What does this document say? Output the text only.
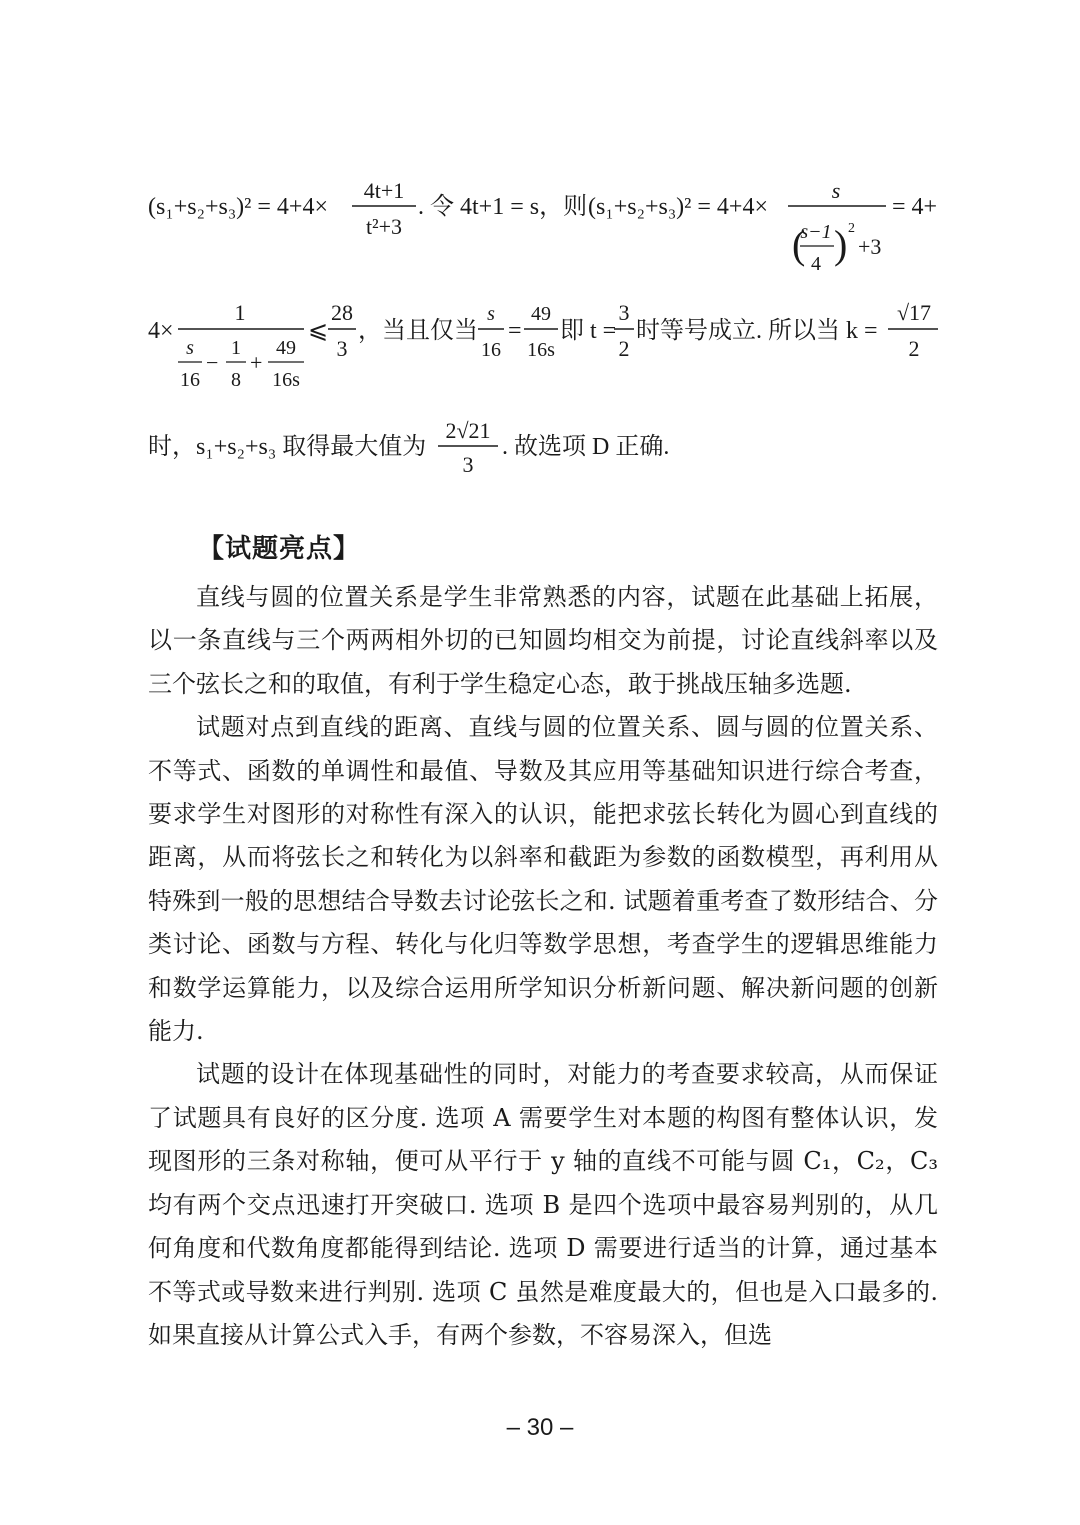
(s₁+s₂+s₃)² = 4+4×
4t+1
t²+3
. 令 4t+1 = s，则 (s₁+s₂+s₃)² = 4+4×
s
(
s−1
4 ) 2
+3
= 4+
4×
1
s
16
−
1
8
+
49
16s
⩽
28
3
，当且仅当
s
16
=
49
16s
即 t =
3
2
时等号成立. 所以当 k =
√17
2
时，s₁+s₂+s₃ 取得最大值为
2√21
3
. 故选项 D 正确.
【试题亮点】

直线与圆的位置关系是学生非常熟悉的内容，试题在此基础上拓展，以一条直线与三个两两相外切的已知圆均相交为前提，讨论直线斜率以及三个弦长之和的取值，有利于学生稳定心态，敢于挑战压轴多选题.

试题对点到直线的距离、直线与圆的位置关系、圆与圆的位置关系、不等式、函数的单调性和最值、导数及其应用等基础知识进行综合考查，要求学生对图形的对称性有深入的认识，能把求弦长转化为圆心到直线的距离，从而将弦长之和转化为以斜率和截距为参数的函数模型，再利用从特殊到一般的思想结合导数去讨论弦长之和. 试题着重考查了数形结合、分类讨论、函数与方程、转化与化归等数学思想，考查学生的逻辑思维能力和数学运算能力，以及综合运用所学知识分析新问题、解决新问题的创新能力.

试题的设计在体现基础性的同时，对能力的考查要求较高，从而保证了试题具有良好的区分度. 选项 A 需要学生对本题的构图有整体认识，发现图形的三条对称轴，便可从平行于 y 轴的直线不可能与圆 C₁，C₂，C₃ 均有两个交点迅速打开突破口. 选项 B 是四个选项中最容易判别的，从几何角度和代数角度都能得到结论. 选项 D 需要进行适当的计算，通过基本不等式或导数来进行判别. 选项 C 虽然是难度最大的，但也是入口最多的. 如果直接从计算公式入手，有两个参数，不容易深入，但选

– 30 –
